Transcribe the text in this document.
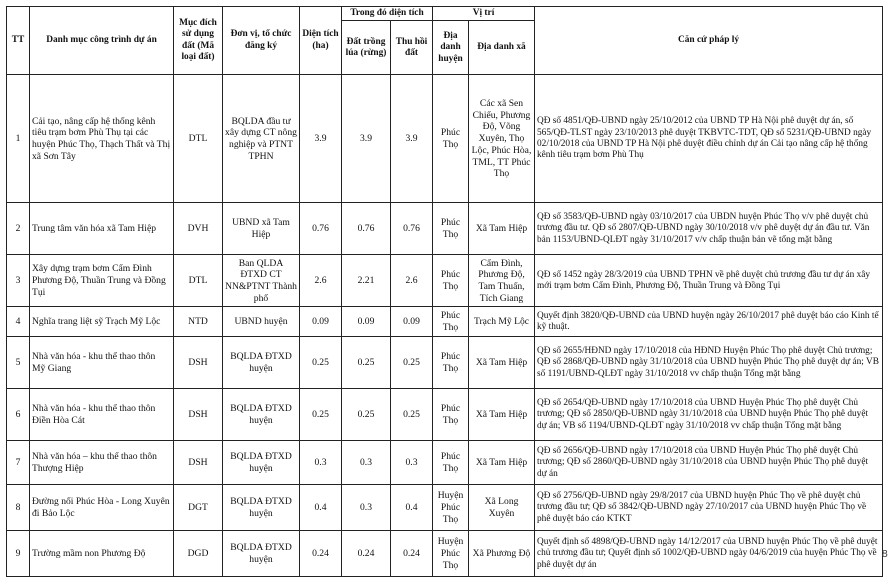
TT	Danh mục công trình dự án	Mục đích sử dụng đất (Mã loại đất)	Đơn vị, tổ chức đăng ký	Diện tích (ha)	Trong đó diện tích		Vị trí		Căn cứ pháp lý
					Đất trồng lúa (rừng)	Thu hồi đất	Địa danh huyện	Địa danh xã	
1	Cải tạo, nâng cấp hệ thống kênh tiêu trạm bơm Phù Thụ tại các huyện Phúc Thọ, Thạch Thất và Thị xã Sơn Tây	DTL	BQLDA đầu tư xây dựng CT nông nghiệp và PTNT TPHN	3.9	3.9	3.9	Phúc Thọ	Các xã Sen Chiểu, Phương Độ, Võng Xuyên, Thọ Lộc, Phúc Hòa, TML, TT Phúc Thọ	QĐ số 4851/QĐ-UBND ngày 25/10/2012 của UBND TP Hà Nội phê duyệt dự án, số 565/QĐ-TLST ngày 23/10/2013 phê duyệt TKBVTC-TDT, QĐ số 5231/QĐ-UBND ngày 02/10/2018 của UBND TP Hà Nội phê duyệt điều chỉnh dự án Cải tạo nâng cấp hệ thống kênh tiêu trạm bơm Phù Thụ
2	Trung tâm văn hóa xã Tam Hiệp	DVH	UBND xã Tam Hiệp	0.76	0.76	0.76	Phúc Thọ	Xã Tam Hiệp	QĐ số 3583/QĐ-UBND ngày 03/10/2017 của UBDN huyện Phúc Thọ v/v phê duyệt chủ trương đầu tư. QĐ số 2807/QĐ-UBND ngày 30/10/2018 v/v phê duyệt dự án đầu tư. Văn bản 1153/UBND-QLĐT ngày 31/10/2017 v/v chấp thuận bản vẽ tổng mặt bằng
3	Xây dựng trạm bơm Cẩm Đình Phương Độ, Thuần Trung và Đồng Tụi	DTL	Ban QLDA ĐTXD CT NN&PTNT Thành phố	2.6	2.21	2.6	Phúc Thọ	Cẩm Đình, Phương Độ, Tam Thuấn, Tích Giang	QĐ số 1452 ngày 28/3/2019 của UBND TPHN về phê duyệt chủ trương đầu tư dự án xây mới trạm bơm Cẩm Đình, Phương Độ, Thuần Trung và Đồng Tụi
4	Nghĩa trang liệt sỹ Trạch Mỹ Lộc	NTD	UBND huyện	0.09	0.09	0.09	Phúc Thọ	Trạch Mỹ Lộc	Quyết định 3820/QĐ-UBND của UBND huyện ngày 26/10/2017 phê duyệt báo cáo Kinh tế kỹ thuật.
5	Nhà văn hóa - khu thể thao thôn Mỹ Giang	DSH	BQLDA ĐTXD huyện	0.25	0.25	0.25	Phúc Thọ	Xã Tam Hiệp	QĐ số 2655/HĐND ngày 17/10/2018 của HĐND Huyện Phúc Thọ phê duyệt Chủ trương; QĐ số 2868/QĐ-UBND ngày 31/10/2018 của UBND huyện Phúc Thọ phê duyệt dự án; VB số 1191/UBND-QLĐT ngày 31/10/2018 vv chấp thuận Tổng mặt bằng
6	Nhà văn hóa - khu thể thao thôn Điền Hòa Cát	DSH	BQLDA ĐTXD huyện	0.25	0.25	0.25	Phúc Thọ	Xã Tam Hiệp	QĐ số 2654/QĐ-UBND ngày 17/10/2018 của UBND Huyện Phúc Thọ phê duyệt Chủ trương; QĐ số 2850/QĐ-UBND ngày 31/10/2018 của UBND huyện Phúc Thọ phê duyệt dự án; VB số 1194/UBND-QLĐT ngày 31/10/2018 vv chấp thuận Tổng mặt bằng
7	Nhà văn hóa – khu thể thao thôn Thượng Hiệp	DSH	BQLDA ĐTXD huyện	0.3	0.3	0.3	Phúc Thọ	Xã Tam Hiệp	QĐ số 2656/QĐ-UBND ngày 17/10/2018 của UBND Huyện Phúc Thọ phê duyệt Chủ trương; QĐ số 2860/QĐ-UBND ngày 31/10/2018 của UBND huyện Phúc Thọ phê duyệt dự án
8	Đường nối Phúc Hòa - Long Xuyên đi Bảo Lộc	DGT	BQLDA ĐTXD huyện	0.4	0.3	0.4	Huyện Phúc Thọ	Xã Long Xuyên	QĐ số 2756/QĐ-UBND ngày 29/8/2017 của UBND huyện Phúc Thọ về phê duyệt chủ trương đầu tư; QĐ số 3842/QĐ-UBND ngày 27/10/2017 của UBND huyện Phúc Thọ về phê duyệt báo cáo KTKT
9	Trường mầm non Phương Độ	DGD	BQLDA ĐTXD huyện	0.24	0.24	0.24	Huyện Phúc Thọ	Xã Phương Độ	Quyết định số 4898/QĐ-UBND ngày 14/12/2017 của UBND huyện Phúc Thọ về phê duyệt chủ trương đầu tư; Quyết định số 1002/QĐ-UBND ngày 04/6/2019 của huyện Phúc Thọ về phê duyệt dự án
8
